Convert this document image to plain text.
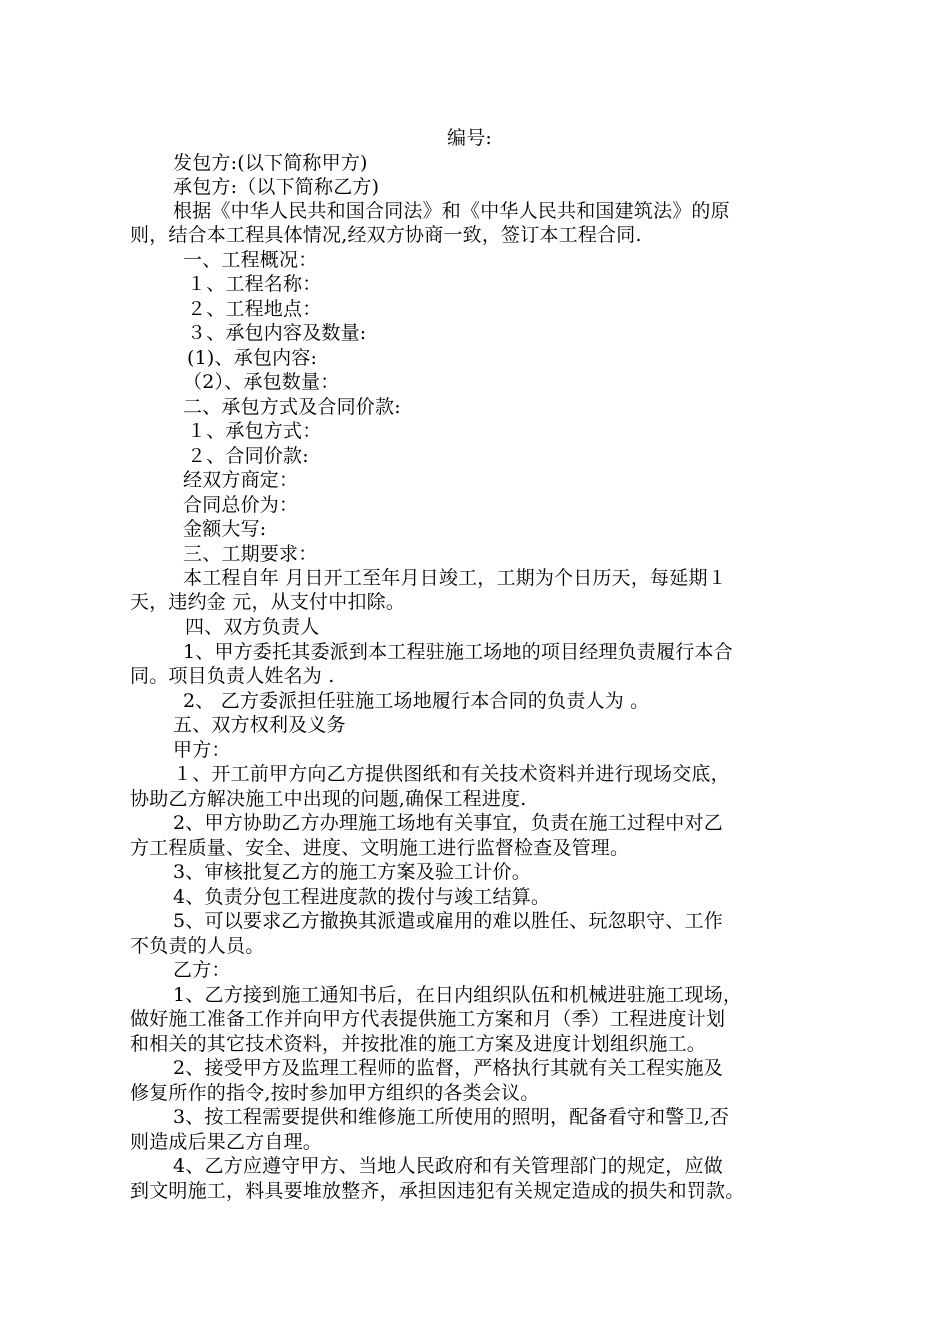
编号:
发包方:(以下简称甲方)
承包方:（以下简称乙方)
根据《中华人民共和国合同法》和《中华人民共和国建筑法》的原
则，结合本工程具体情况,经双方协商一致，签订本工程合同.
一、工程概况：
１、工程名称：
２、工程地点：
３、承包内容及数量:
(1)、承包内容:
（2）、承包数量：
二、承包方式及合同价款:
１、承包方式：
２、合同价款:
经双方商定：
合同总价为：
金额大写:
三、工期要求：
本工程自年 月日开工至年月日竣工，工期为个日历天，每延期１
天，违约金 元，从支付中扣除。
四、双方负责人
1、甲方委托其委派到本工程驻施工场地的项目经理负责履行本合
同。项目负责人姓名为 .
2、 乙方委派担任驻施工场地履行本合同的负责人为 。
五、双方权利及义务
甲方：
１、开工前甲方向乙方提供图纸和有关技术资料并进行现场交底，
协助乙方解决施工中出现的问题,确保工程进度.
2、甲方协助乙方办理施工场地有关事宜，负责在施工过程中对乙
方工程质量、安全、进度、文明施工进行监督检查及管理。
3、审核批复乙方的施工方案及验工计价。
4、负责分包工程进度款的拨付与竣工结算。
5、可以要求乙方撤换其派遣或雇用的难以胜任、玩忽职守、工作
不负责的人员。
乙方：
1、乙方接到施工通知书后，在日内组织队伍和机械进驻施工现场，
做好施工准备工作并向甲方代表提供施工方案和月（季）工程进度计划
和相关的其它技术资料，并按批准的施工方案及进度计划组织施工。
2、接受甲方及监理工程师的监督，严格执行其就有关工程实施及
修复所作的指令,按时参加甲方组织的各类会议。
3、按工程需要提供和维修施工所使用的照明，配备看守和警卫,否
则造成后果乙方自理。
4、乙方应遵守甲方、当地人民政府和有关管理部门的规定，应做
到文明施工，料具要堆放整齐，承担因违犯有关规定造成的损失和罚款。
